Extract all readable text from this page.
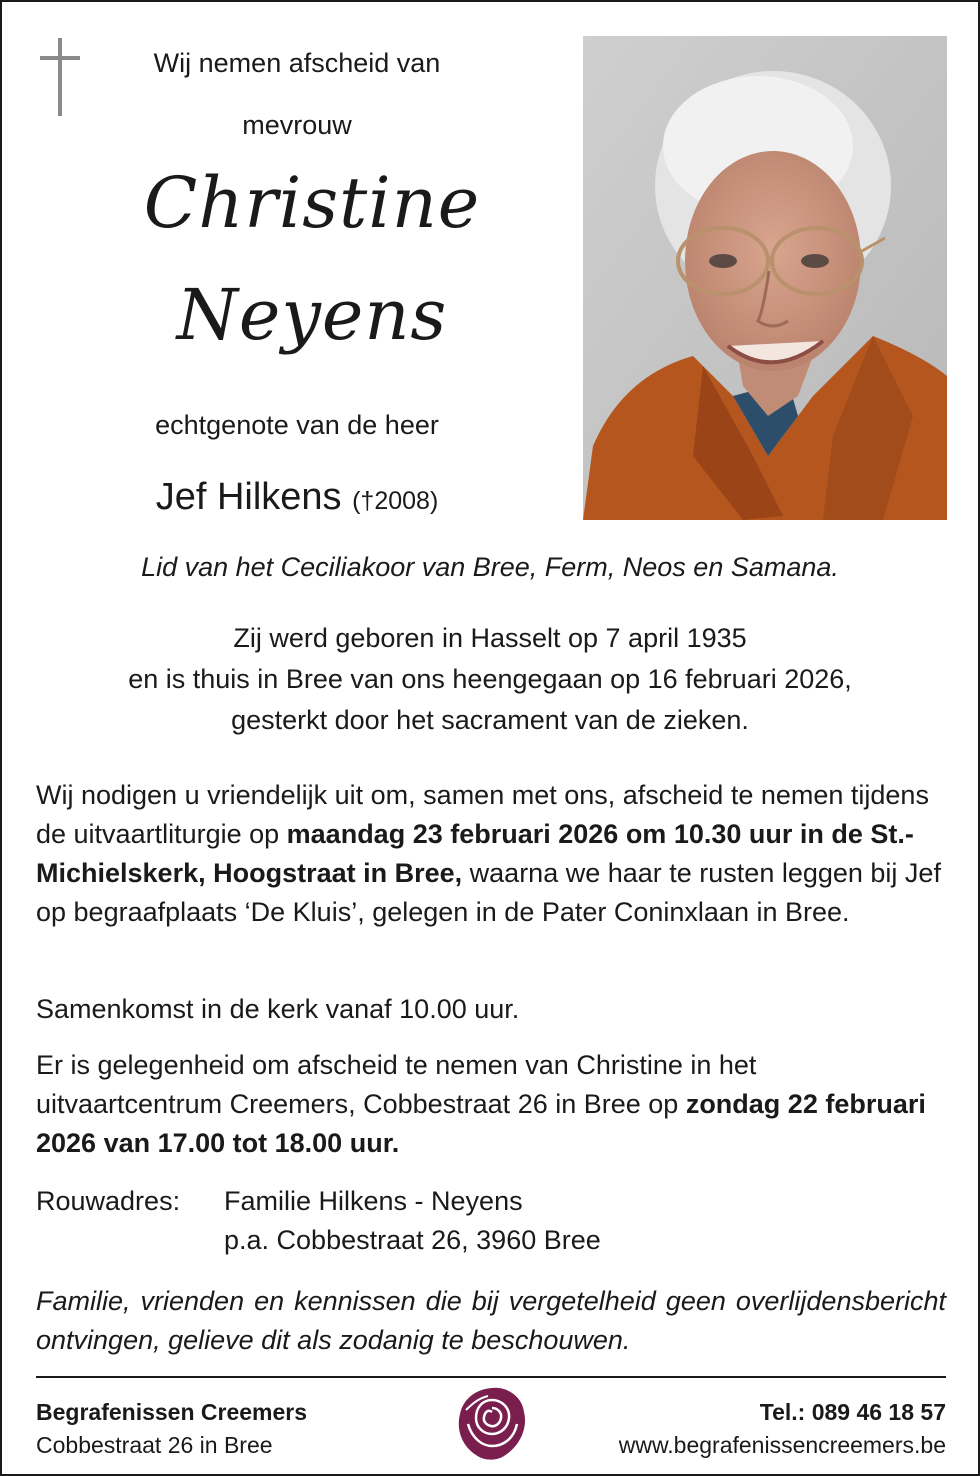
Wij nemen afscheid van
mevrouw
Christine
Neyens
echtgenote van de heer
Jef Hilkens (†2008)
Lid van het Ceciliakoor van Bree, Ferm, Neos en Samana.
Zij werd geboren in Hasselt op 7 april 1935
en is thuis in Bree van ons heengegaan op 16 februari 2026,
gesterkt door het sacrament van de zieken.
Wij nodigen u vriendelijk uit om, samen met ons, afscheid te nemen tijdens de uitvaartliturgie op maandag 23 februari 2026 om 10.30 uur in de St.-Michielskerk, Hoogstraat in Bree, waarna we haar te rusten leggen bij Jef op begraafplaats ‘De Kluis’, gelegen in de Pater Coninxlaan in Bree.
Samenkomst in de kerk vanaf 10.00 uur.
Er is gelegenheid om afscheid te nemen van Christine in het uitvaartcentrum Creemers, Cobbestraat 26 in Bree op zondag 22 februari 2026 van 17.00 tot 18.00 uur.
Rouwadres: Familie Hilkens - Neyens
p.a. Cobbestraat 26, 3960 Bree
Familie, vrienden en kennissen die bij vergetelheid geen overlijdensbericht ontvingen, gelieve dit als zodanig te beschouwen.
Begrafenissen Creemers
Cobbestraat 26 in Bree
Tel.: 089 46 18 57
www.begrafenissencreemers.be
